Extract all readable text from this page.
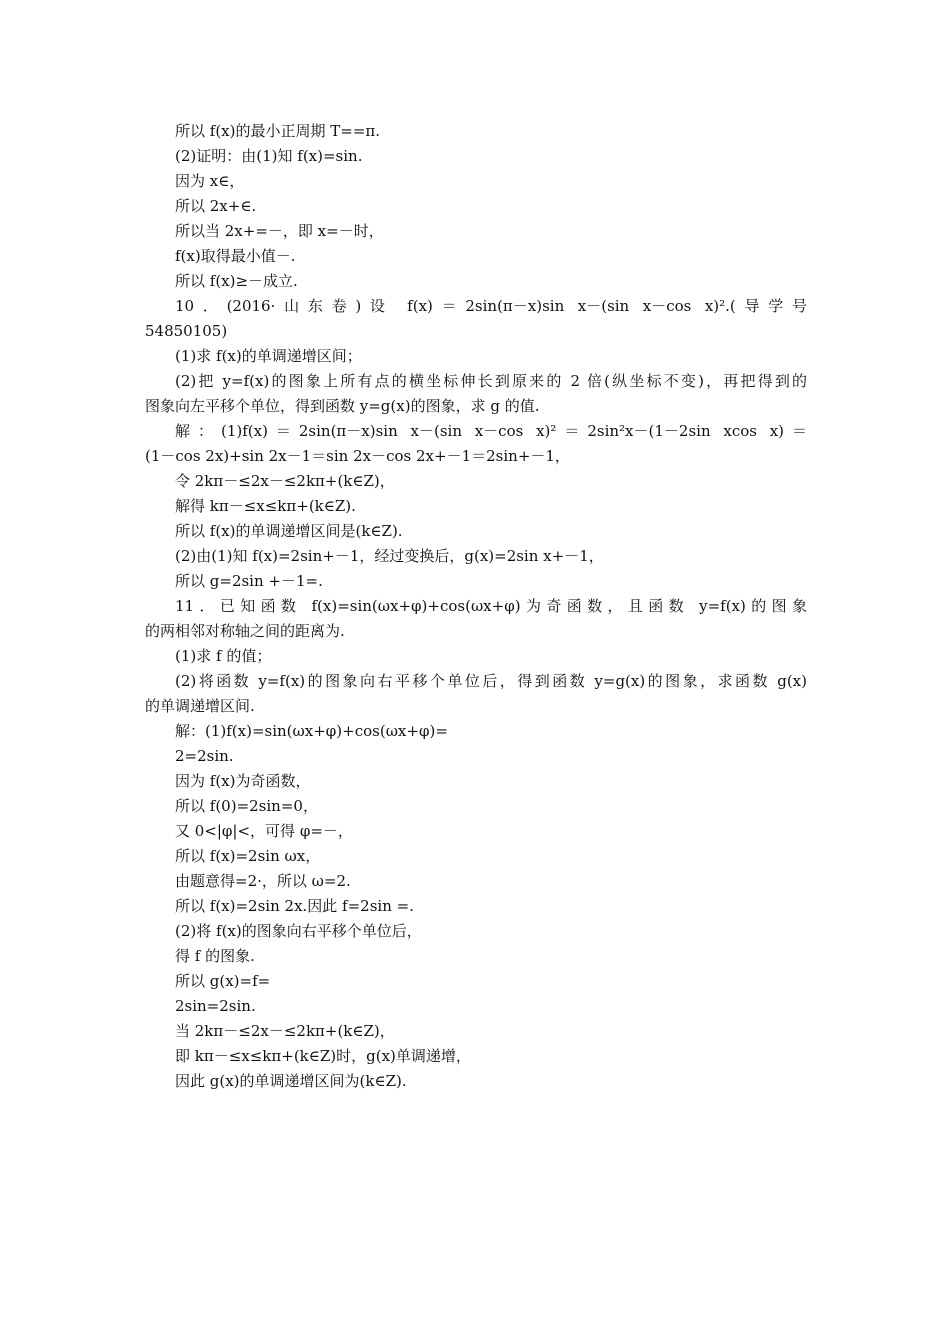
所以 f(x)的最小正周期 T==π.
(2)证明：由(1)知 f(x)=sin.
因为 x∈，
所以 2x+∈.
所以当 2x+=－，即 x=－时，
f(x)取得最小值－.
所以 f(x)≥－成立.
10．(2016·山东卷)设 f(x)＝2sin(π－x)sin x－(sin x－cos x)².(导学号
54850105)
(1)求 f(x)的单调递增区间；
(2)把 y=f(x)的图象上所有点的横坐标伸长到原来的 2 倍(纵坐标不变)，再把得到的
图象向左平移个单位，得到函数 y=g(x)的图象，求 g 的值.
解：(1)f(x)＝2sin(π－x)sin x－(sin x－cos x)²＝2sin²x－(1－2sin xcos x)＝
(1－cos 2x)+sin 2x－1＝sin 2x－cos 2x+－1＝2sin+－1，
令 2kπ－≤2x－≤2kπ+(k∈Z)，
解得 kπ－≤x≤kπ+(k∈Z).
所以 f(x)的单调递增区间是(k∈Z).
(2)由(1)知 f(x)=2sin+－1，经过变换后，g(x)=2sin x+－1，
所以 g=2sin +－1=.
11．已知函数 f(x)=sin(ωx+φ)+cos(ωx+φ)为奇函数，且函数 y=f(x)的图象
的两相邻对称轴之间的距离为.
(1)求 f 的值；
(2)将函数 y=f(x)的图象向右平移个单位后，得到函数 y=g(x)的图象，求函数 g(x)
的单调递增区间.
解：(1)f(x)=sin(ωx+φ)+cos(ωx+φ)=
2=2sin.
因为 f(x)为奇函数，
所以 f(0)=2sin=0，
又 0<|φ|<，可得 φ=－，
所以 f(x)=2sin ωx，
由题意得=2·，所以 ω=2.
所以 f(x)=2sin 2x.因此 f=2sin =.
(2)将 f(x)的图象向右平移个单位后，
得 f 的图象.
所以 g(x)=f=
2sin=2sin.
当 2kπ－≤2x－≤2kπ+(k∈Z)，
即 kπ－≤x≤kπ+(k∈Z)时，g(x)单调递增，
因此 g(x)的单调递增区间为(k∈Z).
